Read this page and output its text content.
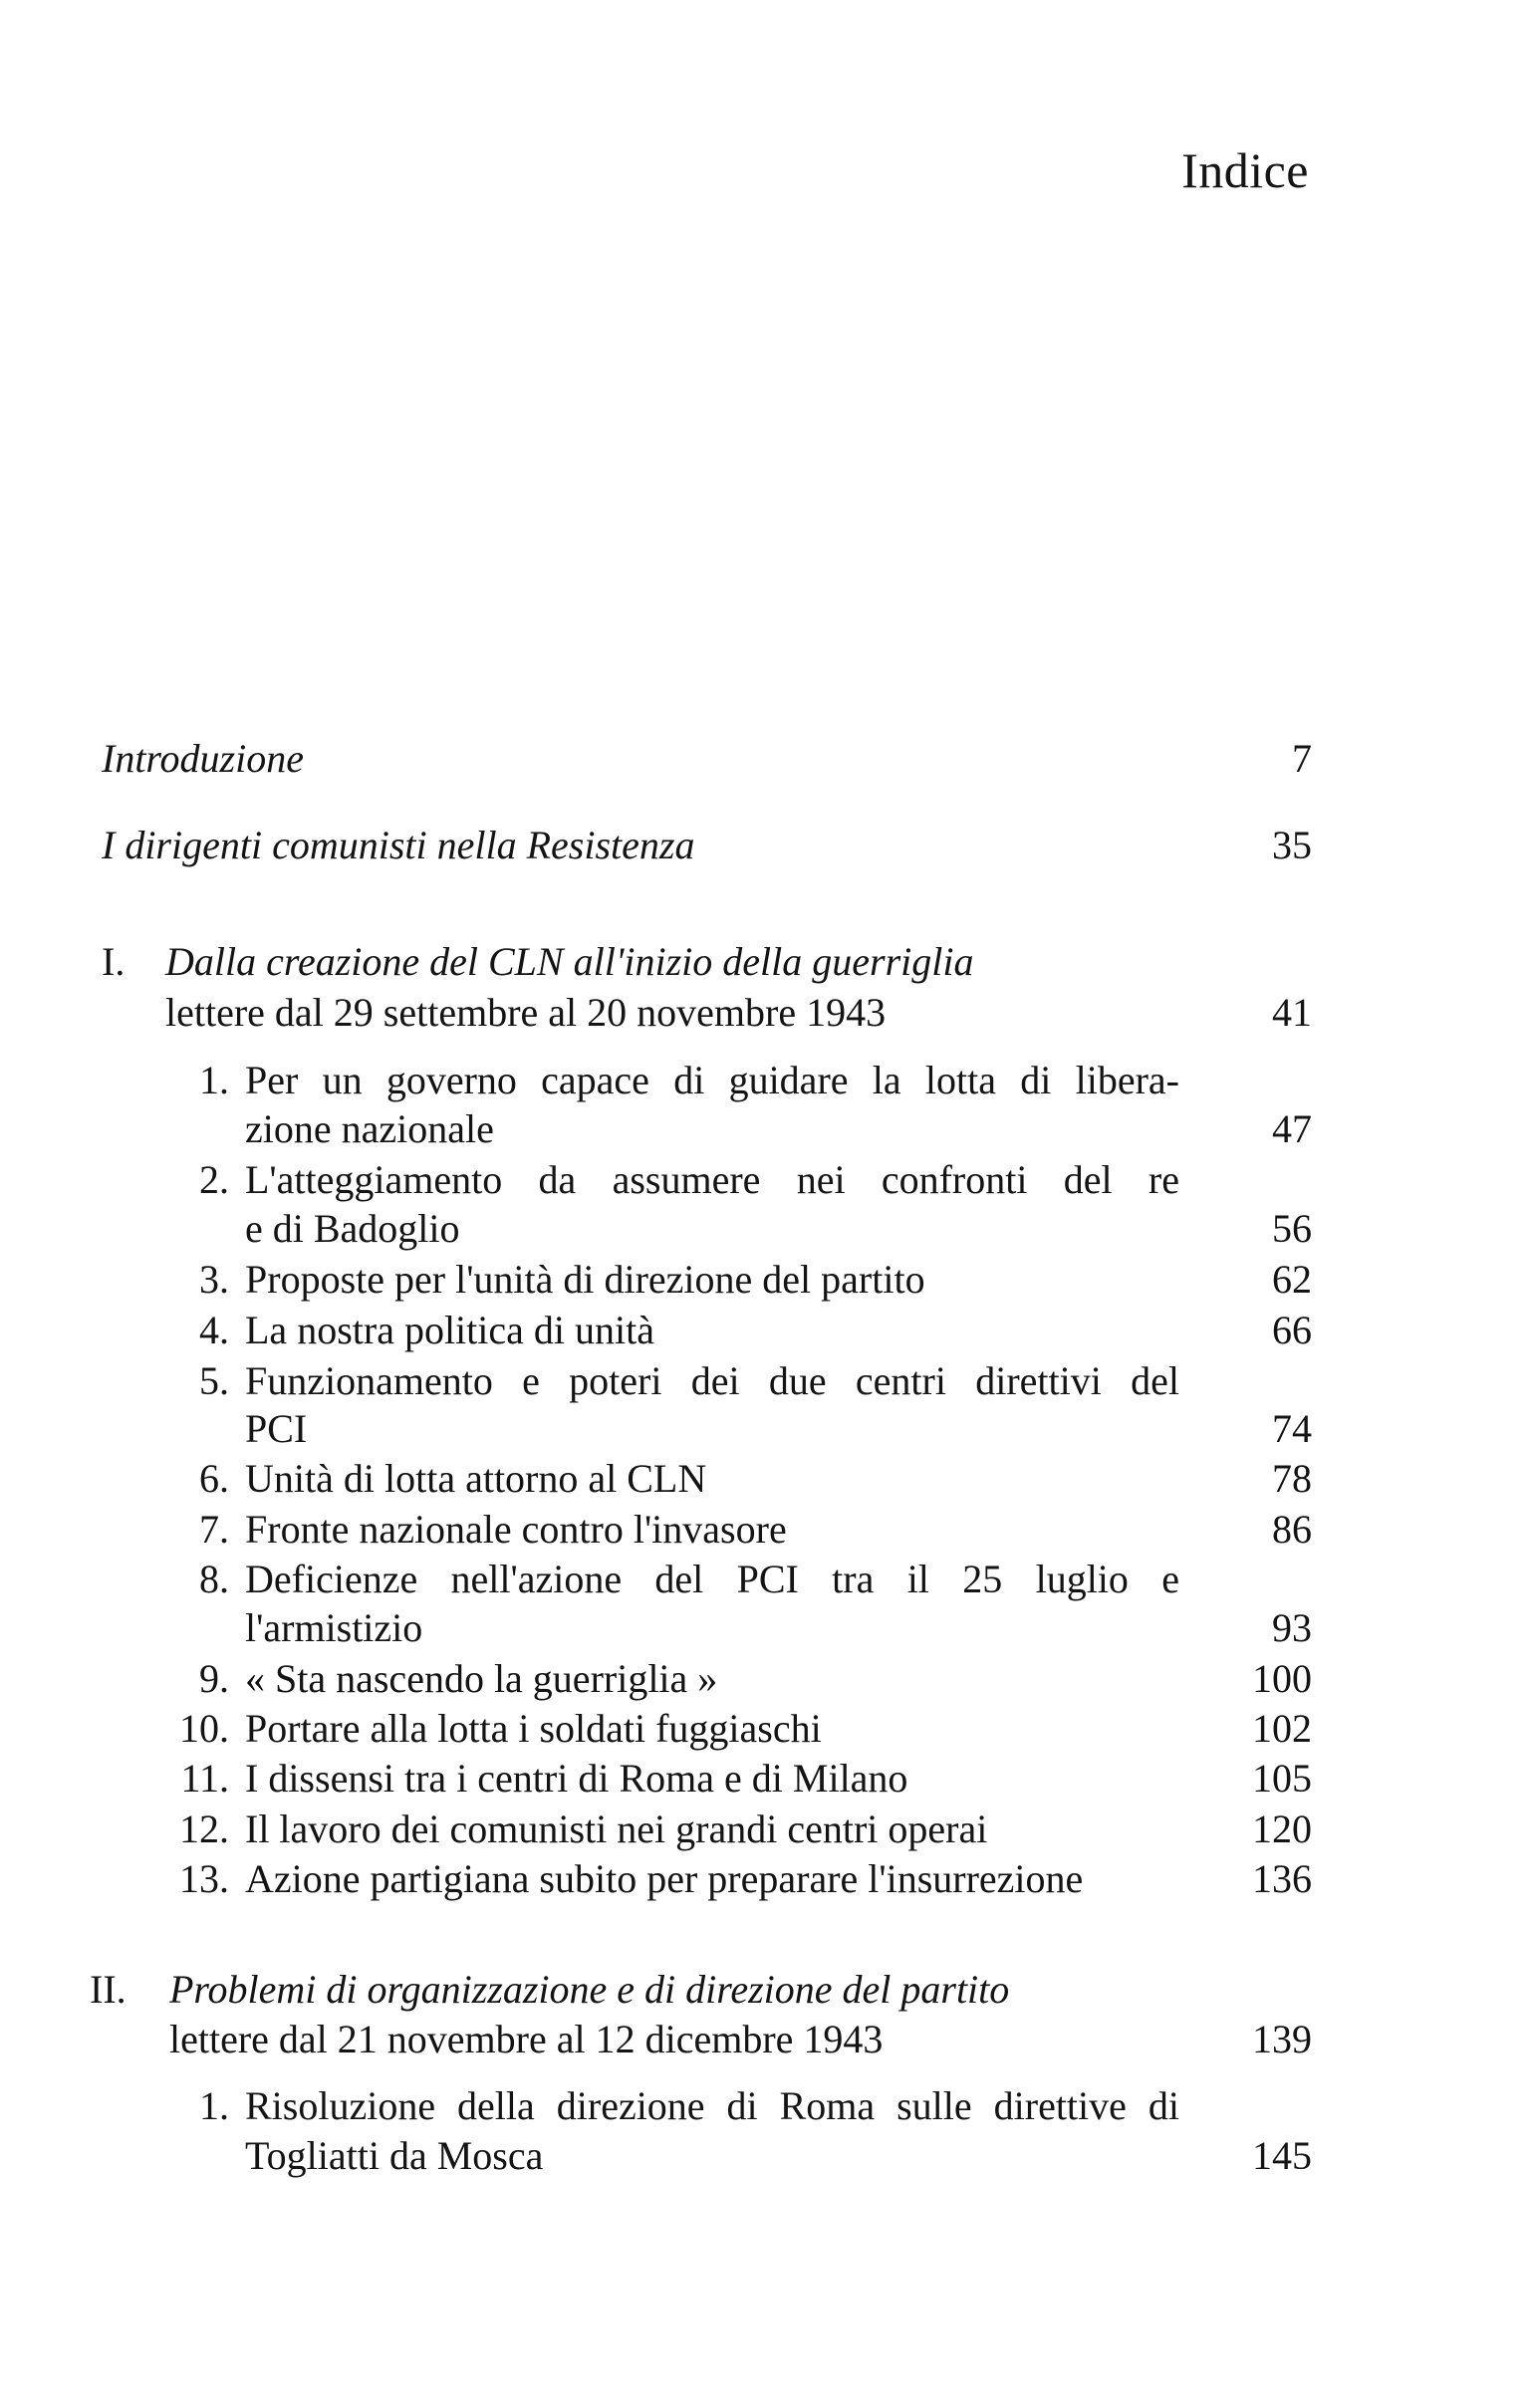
Indice
Introduzione	7
I dirigenti comunisti nella Resistenza	35
I. Dalla creazione del CLN all'inizio della guerriglia
lettere dal 29 settembre al 20 novembre 1943	41
1. Per un governo capace di guidare la lotta di libera-
zione nazionale	47
2. L'atteggiamento da assumere nei confronti del re
e di Badoglio	56
3. Proposte per l'unità di direzione del partito	62
4. La nostra politica di unità	66
5. Funzionamento e poteri dei due centri direttivi del
PCI	74
6. Unità di lotta attorno al CLN	78
7. Fronte nazionale contro l'invasore	86
8. Deficienze nell'azione del PCI tra il 25 luglio e
l'armistizio	93
9. « Sta nascendo la guerriglia »	100
10. Portare alla lotta i soldati fuggiaschi	102
11. I dissensi tra i centri di Roma e di Milano	105
12. Il lavoro dei comunisti nei grandi centri operai	120
13. Azione partigiana subito per preparare l'insurrezione	136
II. Problemi di organizzazione e di direzione del partito
lettere dal 21 novembre al 12 dicembre 1943	139
1. Risoluzione della direzione di Roma sulle direttive di
Togliatti da Mosca	145
